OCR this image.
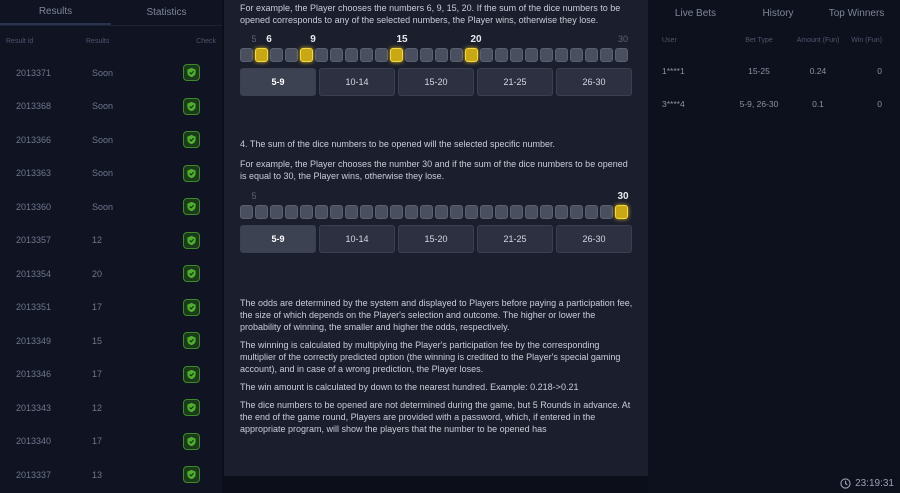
Results	Statistics
Result id	Results	Check
2013371	Soon
2013368	Soon
2013366	Soon
2013363	Soon
2013360	Soon
2013357	12
2013354	20
2013351	17
2013349	15
2013346	17
2013343	12
2013340	17
2013337	13

For example, the Player chooses the numbers 6, 9, 15, 20. If the sum of the dice numbers to be opened corresponds to any of the selected numbers, the Player wins, otherwise they lose.

5 6	9	15	20	30
5-9	10-14	15-20	21-25	26-30

4. The sum of the dice numbers to be opened will the selected specific number.

For example, the Player chooses the number 30 and if the sum of the dice numbers to be opened is equal to 30, the Player wins, otherwise they lose.

5	30
5-9	10-14	15-20	21-25	26-30

The odds are determined by the system and displayed to Players before paying a participation fee, the size of which depends on the Player's selection and outcome. The higher or lower the probability of winning, the smaller and higher the odds, respectively.

The winning is calculated by multiplying the Player's participation fee by the corresponding multiplier of the correctly predicted option (the winning is credited to the Player's special gaming account), and in case of a wrong prediction, the Player loses.

The win amount is calculated by down to the nearest hundred. Example: 0.218->0.21

The dice numbers to be opened are not determined during the game, but 5 Rounds in advance. At the end of the game round, Players are provided with a password, which, if entered in the appropriate program, will show the players that the number to be opened has

Live Bets	History	Top Winners
User	Bet Type	Amount (Fun)	Win (Fun)
1****1	15-25	0.24	0
3****4	5-9, 26-30	0.1	0
23:19:31
